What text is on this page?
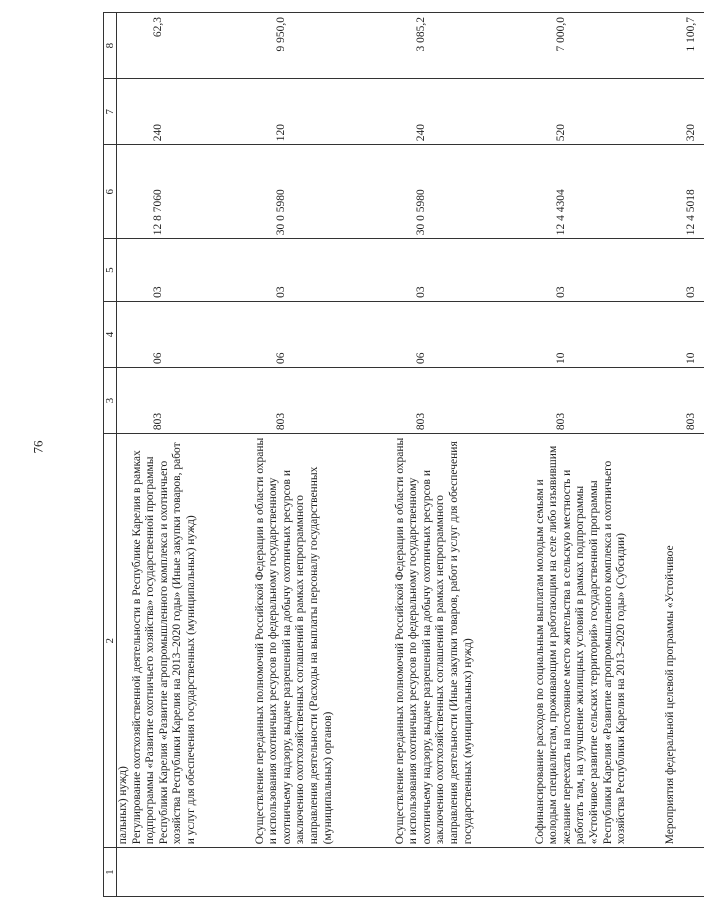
76
1	2	3	4	5	6	7	8
	пальных) нужд)						
	Регулирование охотхозяйственной деятельности в Республике Карелия в рамках подпрограммы «Развитие охотничьего хозяйства» государственной программы Республики Карелия «Развитие агропромышленного комплекса и охотничьего хозяйства Республики Карелия на 2013–2020 годы» (Иные закупки товаров, работ и услуг для обеспечения государственных (муниципальных) нужд)	803	06	03	12 8 7060	240	62,3
	Осуществление переданных полномочий Российской Федерации в области охраны и использования охотничьих ресурсов по федеральному государственному охотничьему надзору, выдаче разрешений на добычу охотничьих ресурсов и заключению охотхозяйственных соглашений в рамках непрограммного направления деятельности (Расходы на выплаты персоналу государственных (муниципальных) органов)	803	06	03	30 0 5980	120	9 950,0
	Осуществление переданных полномочий Российской Федерации в области охраны и использования охотничьих ресурсов по федеральному государственному охотничьему надзору, выдаче разрешений на добычу охотничьих ресурсов и заключению охотхозяйственных соглашений в рамках непрограммного направления деятельности (Иные закупки товаров, работ и услуг для обеспечения государственных (муниципальных) нужд)	803	06	03	30 0 5980	240	3 085,2
	Софинансирование расходов по социальным выплатам молодым семьям и молодым специалистам, проживающим и работающим на селе либо изъявившим желание переехать на постоянное место жительства в сельскую местность и работать там, на улучшение жилищных условий в рамках подпрограммы «Устойчивое развитие сельских территорий» государственной программы Республики Карелия «Развитие агропромышленного комплекса и охотничьего хозяйства Республики Карелия на 2013–2020 годы» (Субсидии)	803	10	03	12 4 4304	520	7 000,0
	Мероприятия федеральной целевой программы «Устойчивое	803	10	03	12 4 5018	320	1 100,7
